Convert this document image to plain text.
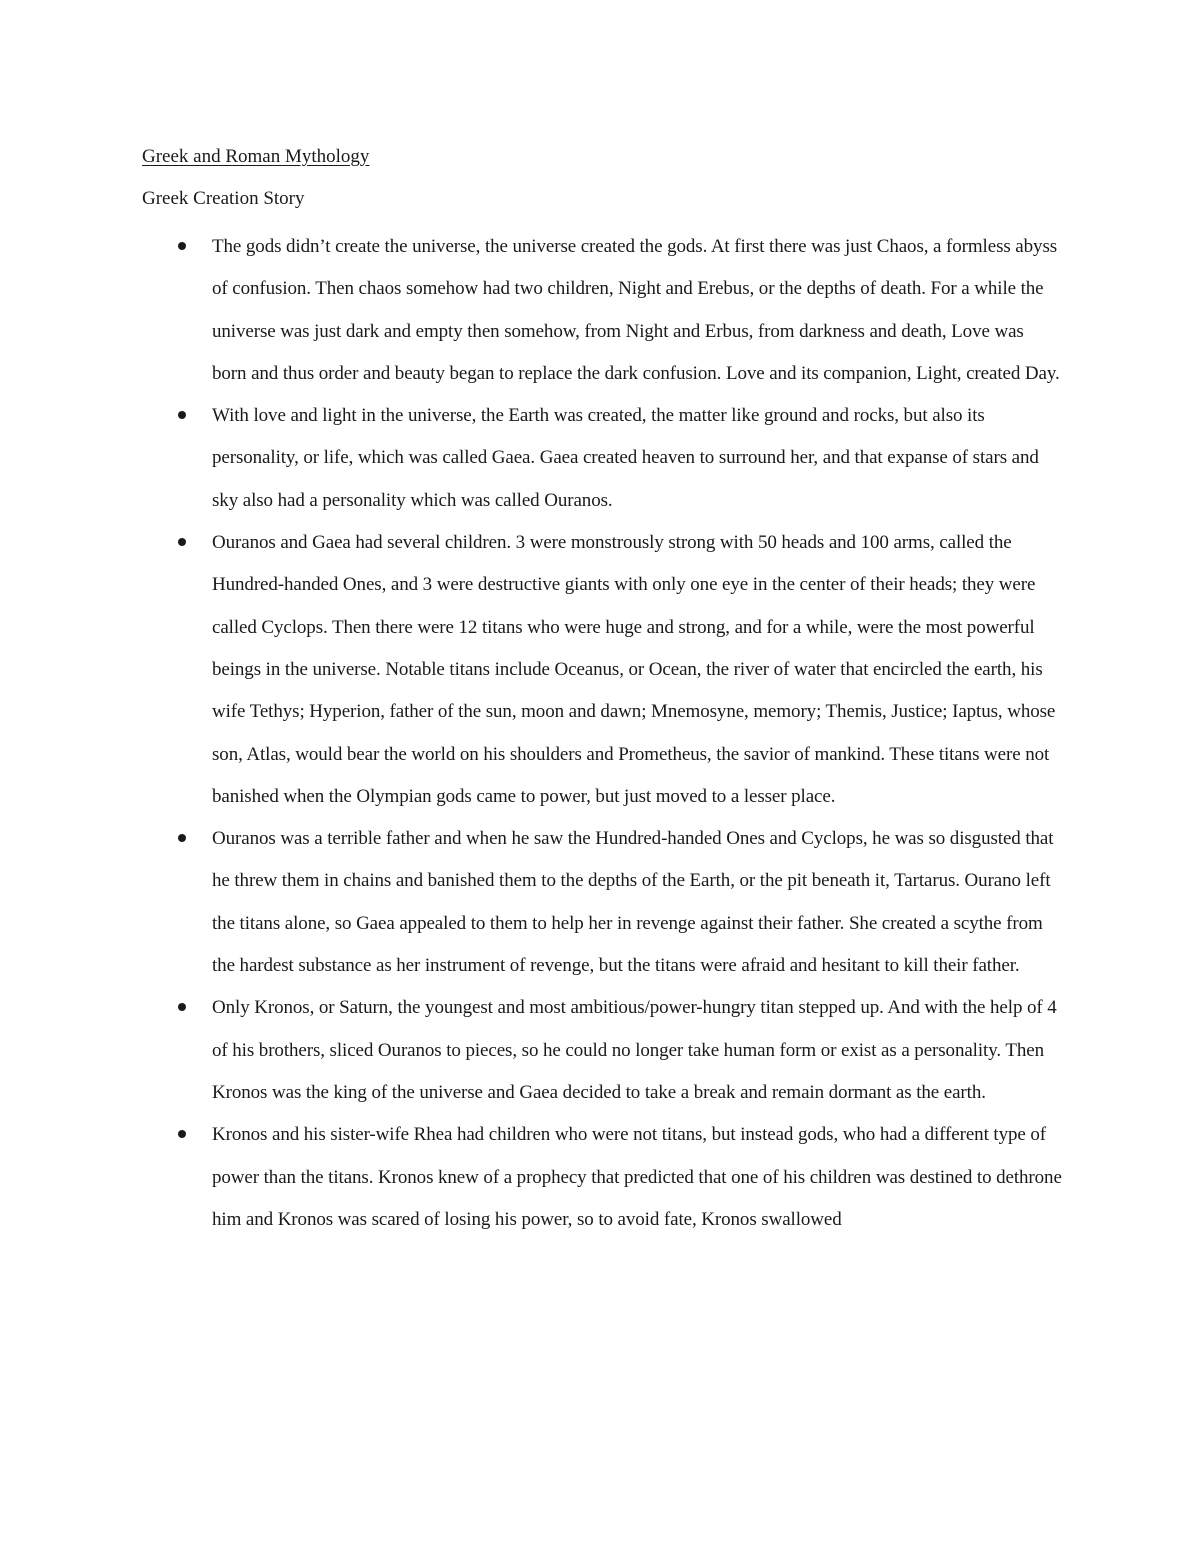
Greek and Roman Mythology
Greek Creation Story
The gods didn’t create the universe, the universe created the gods. At first there was just Chaos, a formless abyss of confusion. Then chaos somehow had two children, Night and Erebus, or the depths of death. For a while the universe was just dark and empty then somehow, from Night and Erbus, from darkness and death, Love was born and thus order and beauty began to replace the dark confusion. Love and its companion, Light, created Day.
With love and light in the universe, the Earth was created, the matter like ground and rocks, but also its personality, or life, which was called Gaea. Gaea created heaven to surround her, and that expanse of stars and sky also had a personality which was called Ouranos.
Ouranos and Gaea had several children. 3 were monstrously strong with 50 heads and 100 arms, called the Hundred-handed Ones, and 3 were destructive giants with only one eye in the center of their heads; they were called Cyclops. Then there were 12 titans who were huge and strong, and for a while, were the most powerful beings in the universe. Notable titans include Oceanus, or Ocean, the river of water that encircled the earth, his wife Tethys; Hyperion, father of the sun, moon and dawn; Mnemosyne, memory; Themis, Justice; Iaptus, whose son, Atlas, would bear the world on his shoulders and Prometheus, the savior of mankind. These titans were not banished when the Olympian gods came to power, but just moved to a lesser place.
Ouranos was a terrible father and when he saw the Hundred-handed Ones and Cyclops, he was so disgusted that he threw them in chains and banished them to the depths of the Earth, or the pit beneath it, Tartarus. Ourano left the titans alone, so Gaea appealed to them to help her in revenge against their father. She created a scythe from the hardest substance as her instrument of revenge, but the titans were afraid and hesitant to kill their father.
Only Kronos, or Saturn, the youngest and most ambitious/power-hungry titan stepped up. And with the help of 4 of his brothers, sliced Ouranos to pieces, so he could no longer take human form or exist as a personality. Then Kronos was the king of the universe and Gaea decided to take a break and remain dormant as the earth.
Kronos and his sister-wife Rhea had children who were not titans, but instead gods, who had a different type of power than the titans. Kronos knew of a prophecy that predicted that one of his children was destined to dethrone him and Kronos was scared of losing his power, so to avoid fate, Kronos swallowed
